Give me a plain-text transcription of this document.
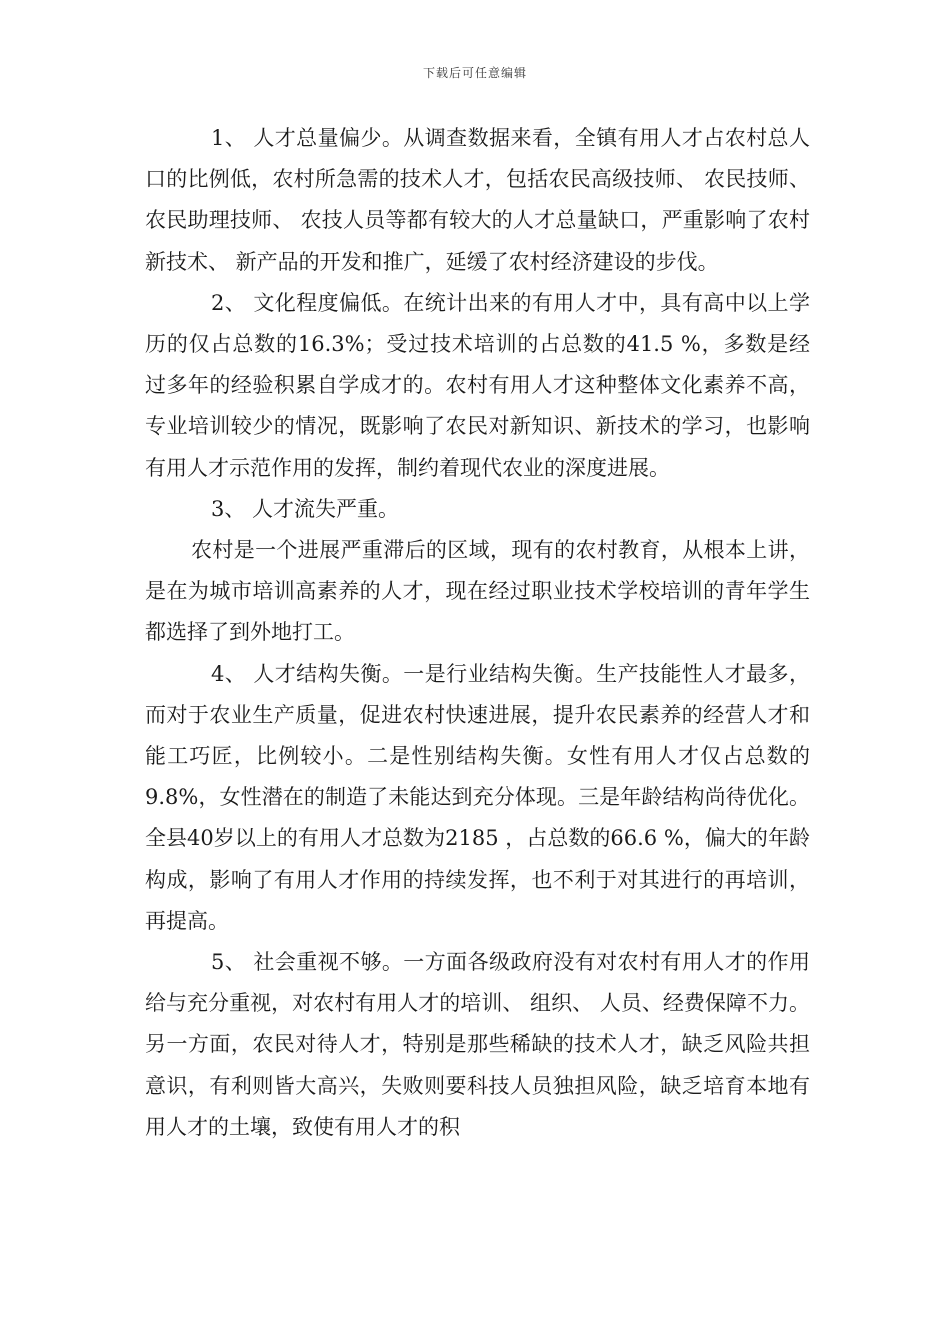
下载后可任意编辑

1、 人才总量偏少。从调查数据来看，全镇有用人才占农村总人口的比例低，农村所急需的技术人才，包括农民高级技师、 农民技师、 农民助理技师、 农技人员等都有较大的人才总量缺口，严重影响了农村新技术、 新产品的开发和推广，延缓了农村经济建设的步伐。

2、 文化程度偏低。在统计出来的有用人才中，具有高中以上学历的仅占总数的16.3%；受过技术培训的占总数的41.5 %，多数是经过多年的经验积累自学成才的。农村有用人才这种整体文化素养不高，专业培训较少的情况，既影响了农民对新知识、新技术的学习，也影响有用人才示范作用的发挥，制约着现代农业的深度进展。

3、 人才流失严重。

农村是一个进展严重滞后的区域，现有的农村教育，从根本上讲，是在为城市培训高素养的人才，现在经过职业技术学校培训的青年学生都选择了到外地打工。

4、 人才结构失衡。一是行业结构失衡。生产技能性人才最多，而对于农业生产质量，促进农村快速进展，提升农民素养的经营人才和能工巧匠，比例较小。二是性别结构失衡。女性有用人才仅占总数的9.8%，女性潜在的制造了未能达到充分体现。三是年龄结构尚待优化。全县40岁以上的有用人才总数为2185 ，占总数的66.6 %，偏大的年龄构成，影响了有用人才作用的持续发挥，也不利于对其进行的再培训，再提高。

5、 社会重视不够。一方面各级政府没有对农村有用人才的作用给与充分重视，对农村有用人才的培训、 组织、 人员、经费保障不力。另一方面，农民对待人才，特别是那些稀缺的技术人才，缺乏风险共担意识，有利则皆大高兴，失败则要科技人员独担风险，缺乏培育本地有用人才的土壤，致使有用人才的积
